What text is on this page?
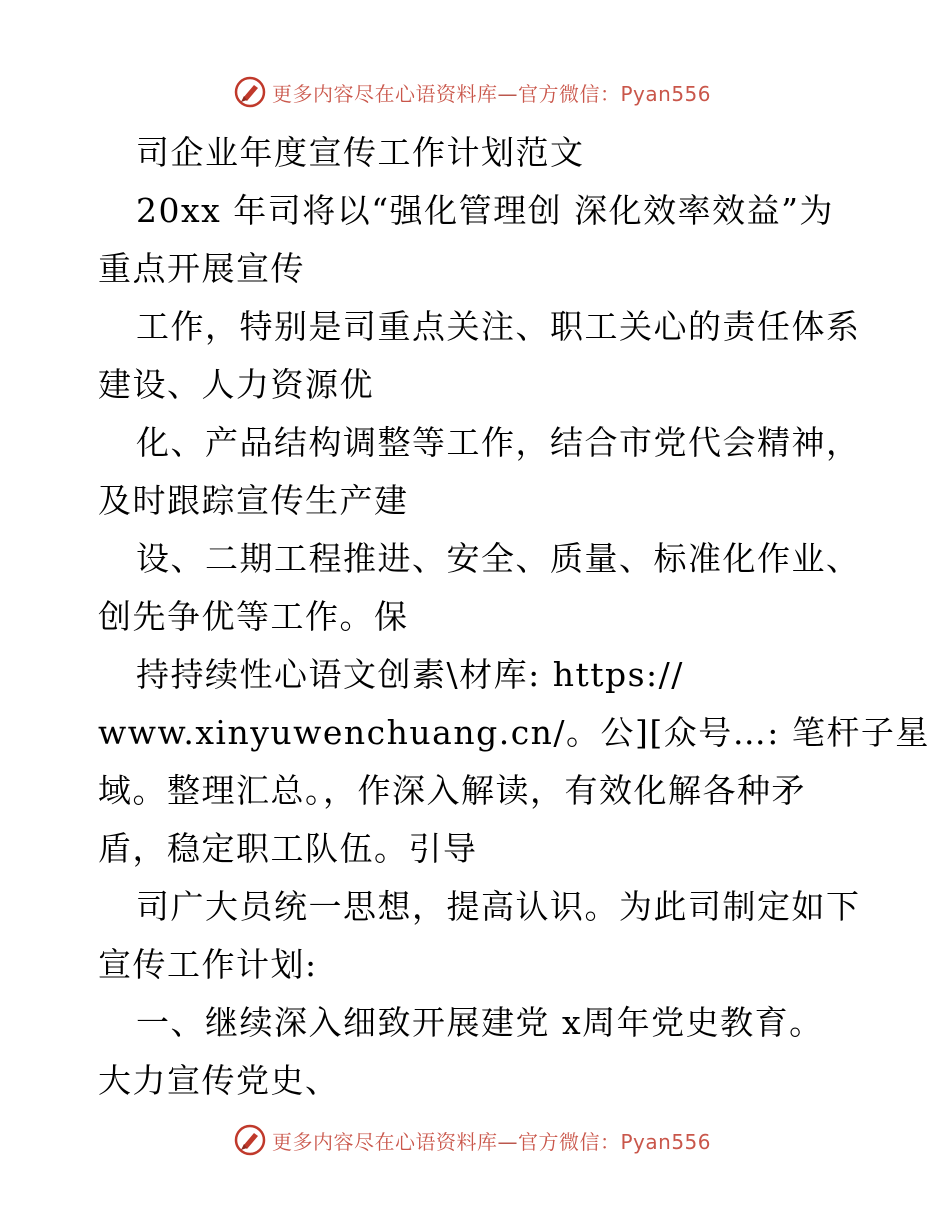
更多内容尽在心语资料库—官方微信：Pyan556
司企业年度宣传工作计划范文
20xx 年司将以“强化管理创 深化效率效益”为
重点开展宣传
工作，特别是司重点关注、职工关心的责任体系
建设、人力资源优
化、产品结构调整等工作，结合市党代会精神，
及时跟踪宣传生产建
设、二期工程推进、安全、质量、标准化作业、
创先争优等工作。保
持持续性心语文创素\材库: https://
www.xinyuwenchuang.cn/。公][众号…: 笔杆子星
域。整理汇总。，作深入解读，有效化解各种矛
盾，稳定职工队伍。引导
司广大员统一思想，提高认识。为此司制定如下
宣传工作计划:
一、继续深入细致开展建党 x周年党史教育。
大力宣传党史、
更多内容尽在心语资料库—官方微信：Pyan556
